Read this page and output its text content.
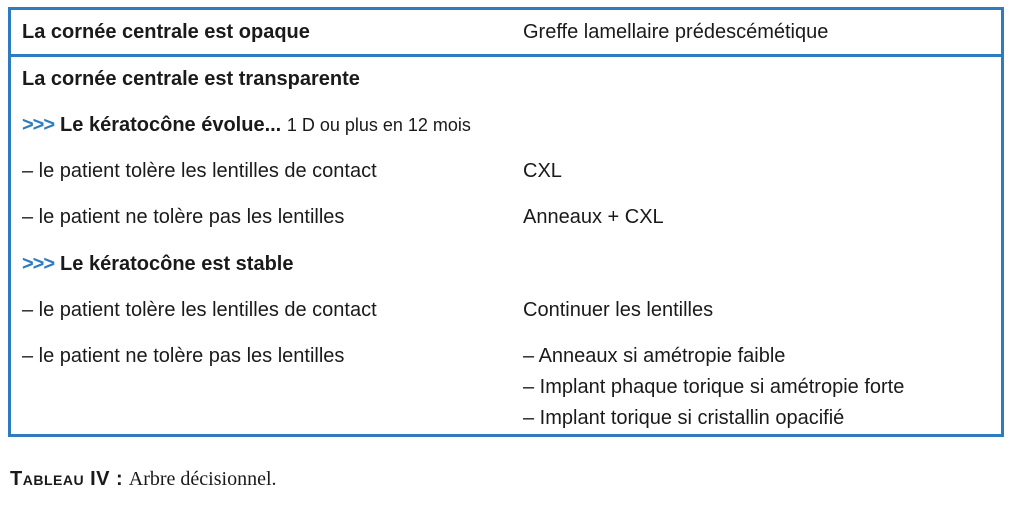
La cornée centrale est opaque	Greffe lamellaire prédescémétique
La cornée centrale est transparente
>>> Le kératocône évolue... 1 D ou plus en 12 mois
– le patient tolère les lentilles de contact	CXL
– le patient ne tolère pas les lentilles	Anneaux + CXL
>>> Le kératocône est stable
– le patient tolère les lentilles de contact	Continuer les lentilles
– le patient ne tolère pas les lentilles	– Anneaux si amétropie faible
– Implant phaque torique si amétropie forte
– Implant torique si cristallin opacifié
Tableau IV : Arbre décisionnel.
